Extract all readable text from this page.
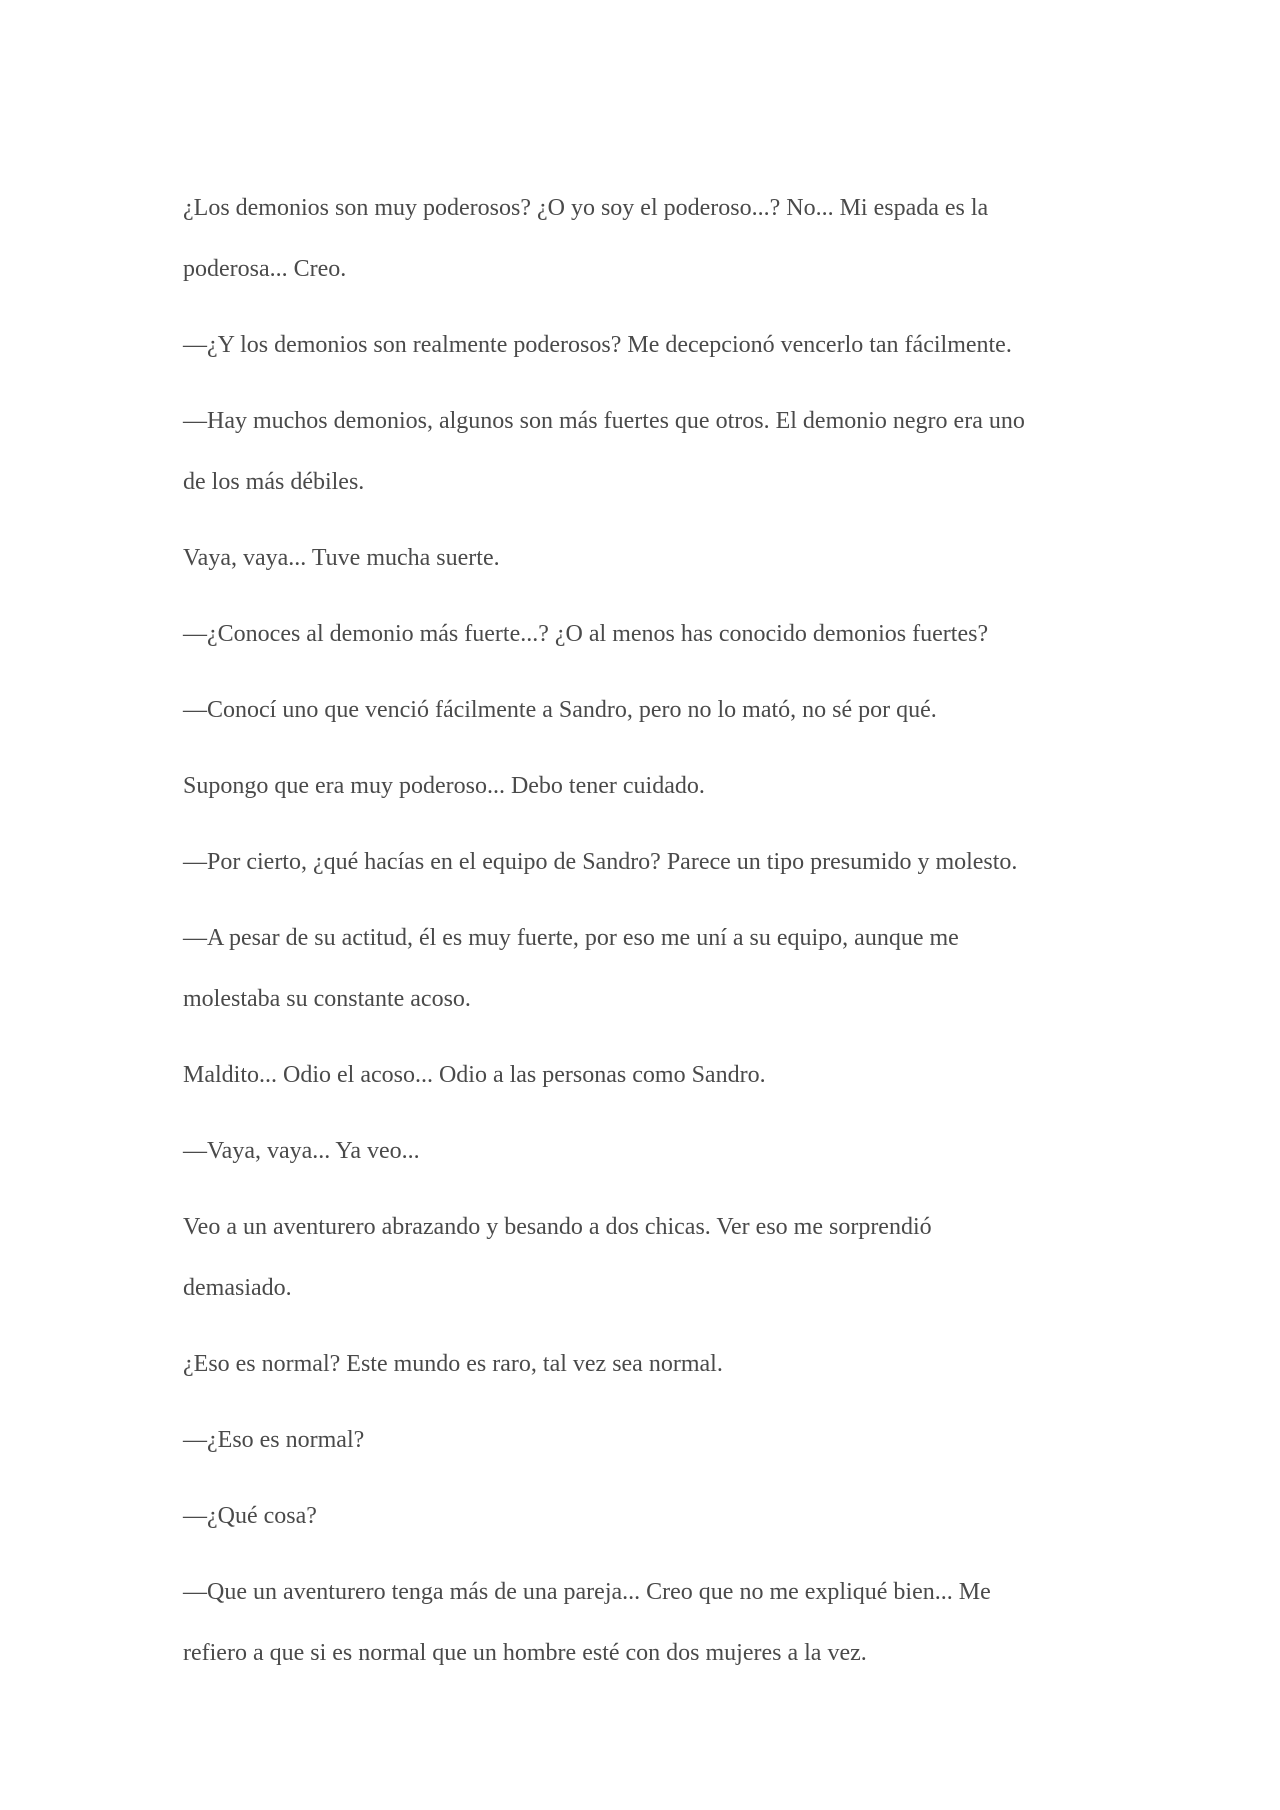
¿Los demonios son muy poderosos? ¿O yo soy el poderoso...? No... Mi espada es la
poderosa... Creo.

—¿Y los demonios son realmente poderosos? Me decepcionó vencerlo tan fácilmente.

—Hay muchos demonios, algunos son más fuertes que otros. El demonio negro era uno
de los más débiles.

Vaya, vaya... Tuve mucha suerte.

—¿Conoces al demonio más fuerte...? ¿O al menos has conocido demonios fuertes?

—Conocí uno que venció fácilmente a Sandro, pero no lo mató, no sé por qué.

Supongo que era muy poderoso... Debo tener cuidado.

—Por cierto, ¿qué hacías en el equipo de Sandro? Parece un tipo presumido y molesto.

—A pesar de su actitud, él es muy fuerte, por eso me uní a su equipo, aunque me
molestaba su constante acoso.

Maldito... Odio el acoso... Odio a las personas como Sandro.

—Vaya, vaya... Ya veo...

Veo a un aventurero abrazando y besando a dos chicas. Ver eso me sorprendió
demasiado.

¿Eso es normal? Este mundo es raro, tal vez sea normal.

—¿Eso es normal?

—¿Qué cosa?

—Que un aventurero tenga más de una pareja... Creo que no me expliqué bien... Me
refiero a que si es normal que un hombre esté con dos mujeres a la vez.
